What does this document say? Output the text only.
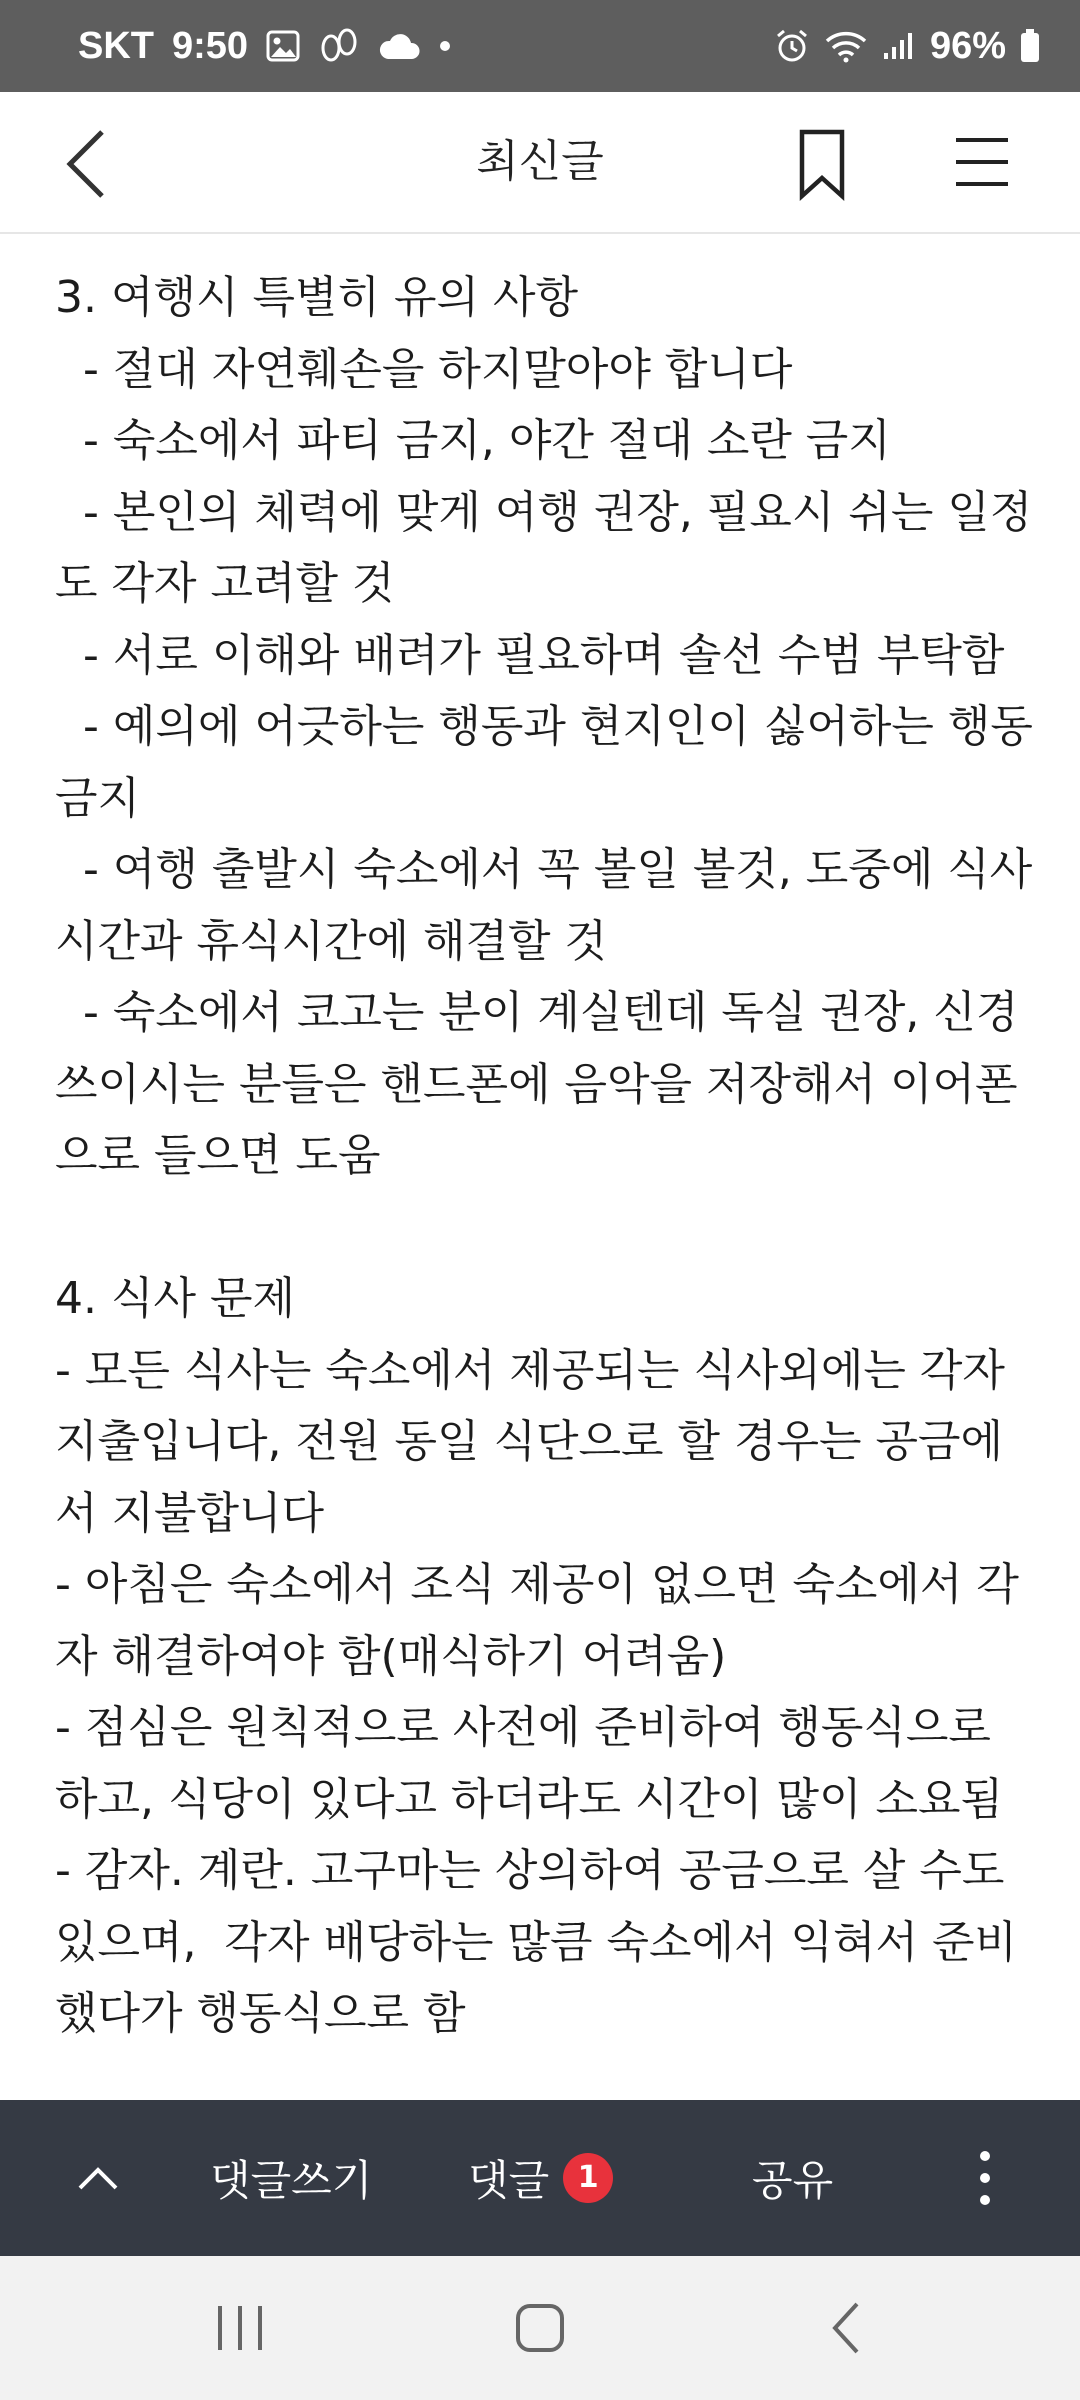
SKT 9:50	96%
최신글

3. 여행시 특별히 유의 사항

- 절대 자연훼손을 하지말아야 합니다

- 숙소에서 파티 금지, 야간 절대 소란 금지

- 본인의 체력에 맞게 여행 권장, 필요시 쉬는 일정도 각자 고려할 것

- 서로 이해와 배려가 필요하며 솔선 수범 부탁함

- 예의에 어긋하는 행동과 현지인이 싫어하는 행동 금지

- 여행 출발시 숙소에서 꼭 볼일 볼것, 도중에 식사 시간과 휴식시간에 해결할 것

- 숙소에서 코고는 분이 계실텐데 독실 권장, 신경쓰이시는 분들은 핸드폰에 음악을 저장해서 이어폰으로 들으면 도움

4. 식사 문제

- 모든 식사는 숙소에서 제공되는 식사외에는 각자 지출입니다, 전원 동일 식단으로 할 경우는 공금에서 지불합니다

- 아침은 숙소에서 조식 제공이 없으면 숙소에서 각자 해결하여야 함(매식하기 어려움)

- 점심은 원칙적으로 사전에 준비하여 행동식으로 하고, 식당이 있다고 하더라도 시간이 많이 소요됨

- 감자. 계란. 고구마는 상의하여 공금으로 살 수도 있으며,  각자 배당하는 많큼 숙소에서 익혀서 준비했다가 행동식으로 함

댓글쓰기 댓글 1	공유
